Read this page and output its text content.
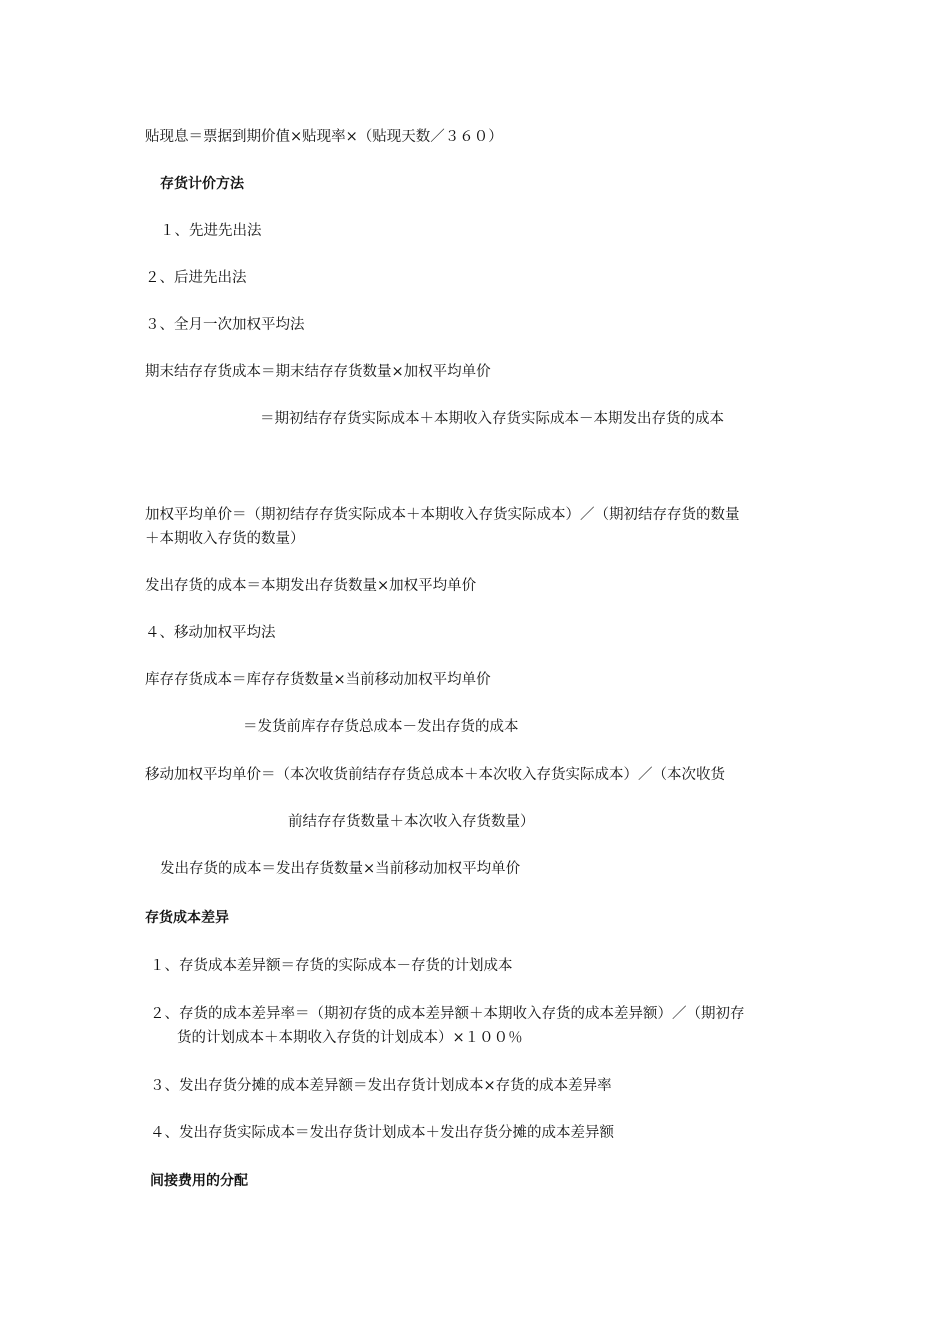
贴现息＝票据到期价值×贴现率×（贴现天数／３６０）
存货计价方法
１、先进先出法
２、后进先出法
３、全月一次加权平均法
期末结存存货成本＝期末结存存货数量×加权平均单价
＝期初结存存货实际成本＋本期收入存货实际成本－本期发出存货的成本
加权平均单价＝（期初结存存货实际成本＋本期收入存货实际成本）／（期初结存存货的数量
＋本期收入存货的数量）
发出存货的成本＝本期发出存货数量×加权平均单价
４、移动加权平均法
库存存货成本＝库存存货数量×当前移动加权平均单价
＝发货前库存存货总成本－发出存货的成本
移动加权平均单价＝（本次收货前结存存货总成本＋本次收入存货实际成本）／（本次收货
前结存存货数量＋本次收入存货数量）
发出存货的成本＝发出存货数量×当前移动加权平均单价
存货成本差异
１、存货成本差异额＝存货的实际成本－存货的计划成本
２、存货的成本差异率＝（期初存货的成本差异额＋本期收入存货的成本差异额）／（期初存
货的计划成本＋本期收入存货的计划成本）×１００％
３、发出存货分摊的成本差异额＝发出存货计划成本×存货的成本差异率
４、发出存货实际成本＝发出存货计划成本＋发出存货分摊的成本差异额
间接费用的分配
